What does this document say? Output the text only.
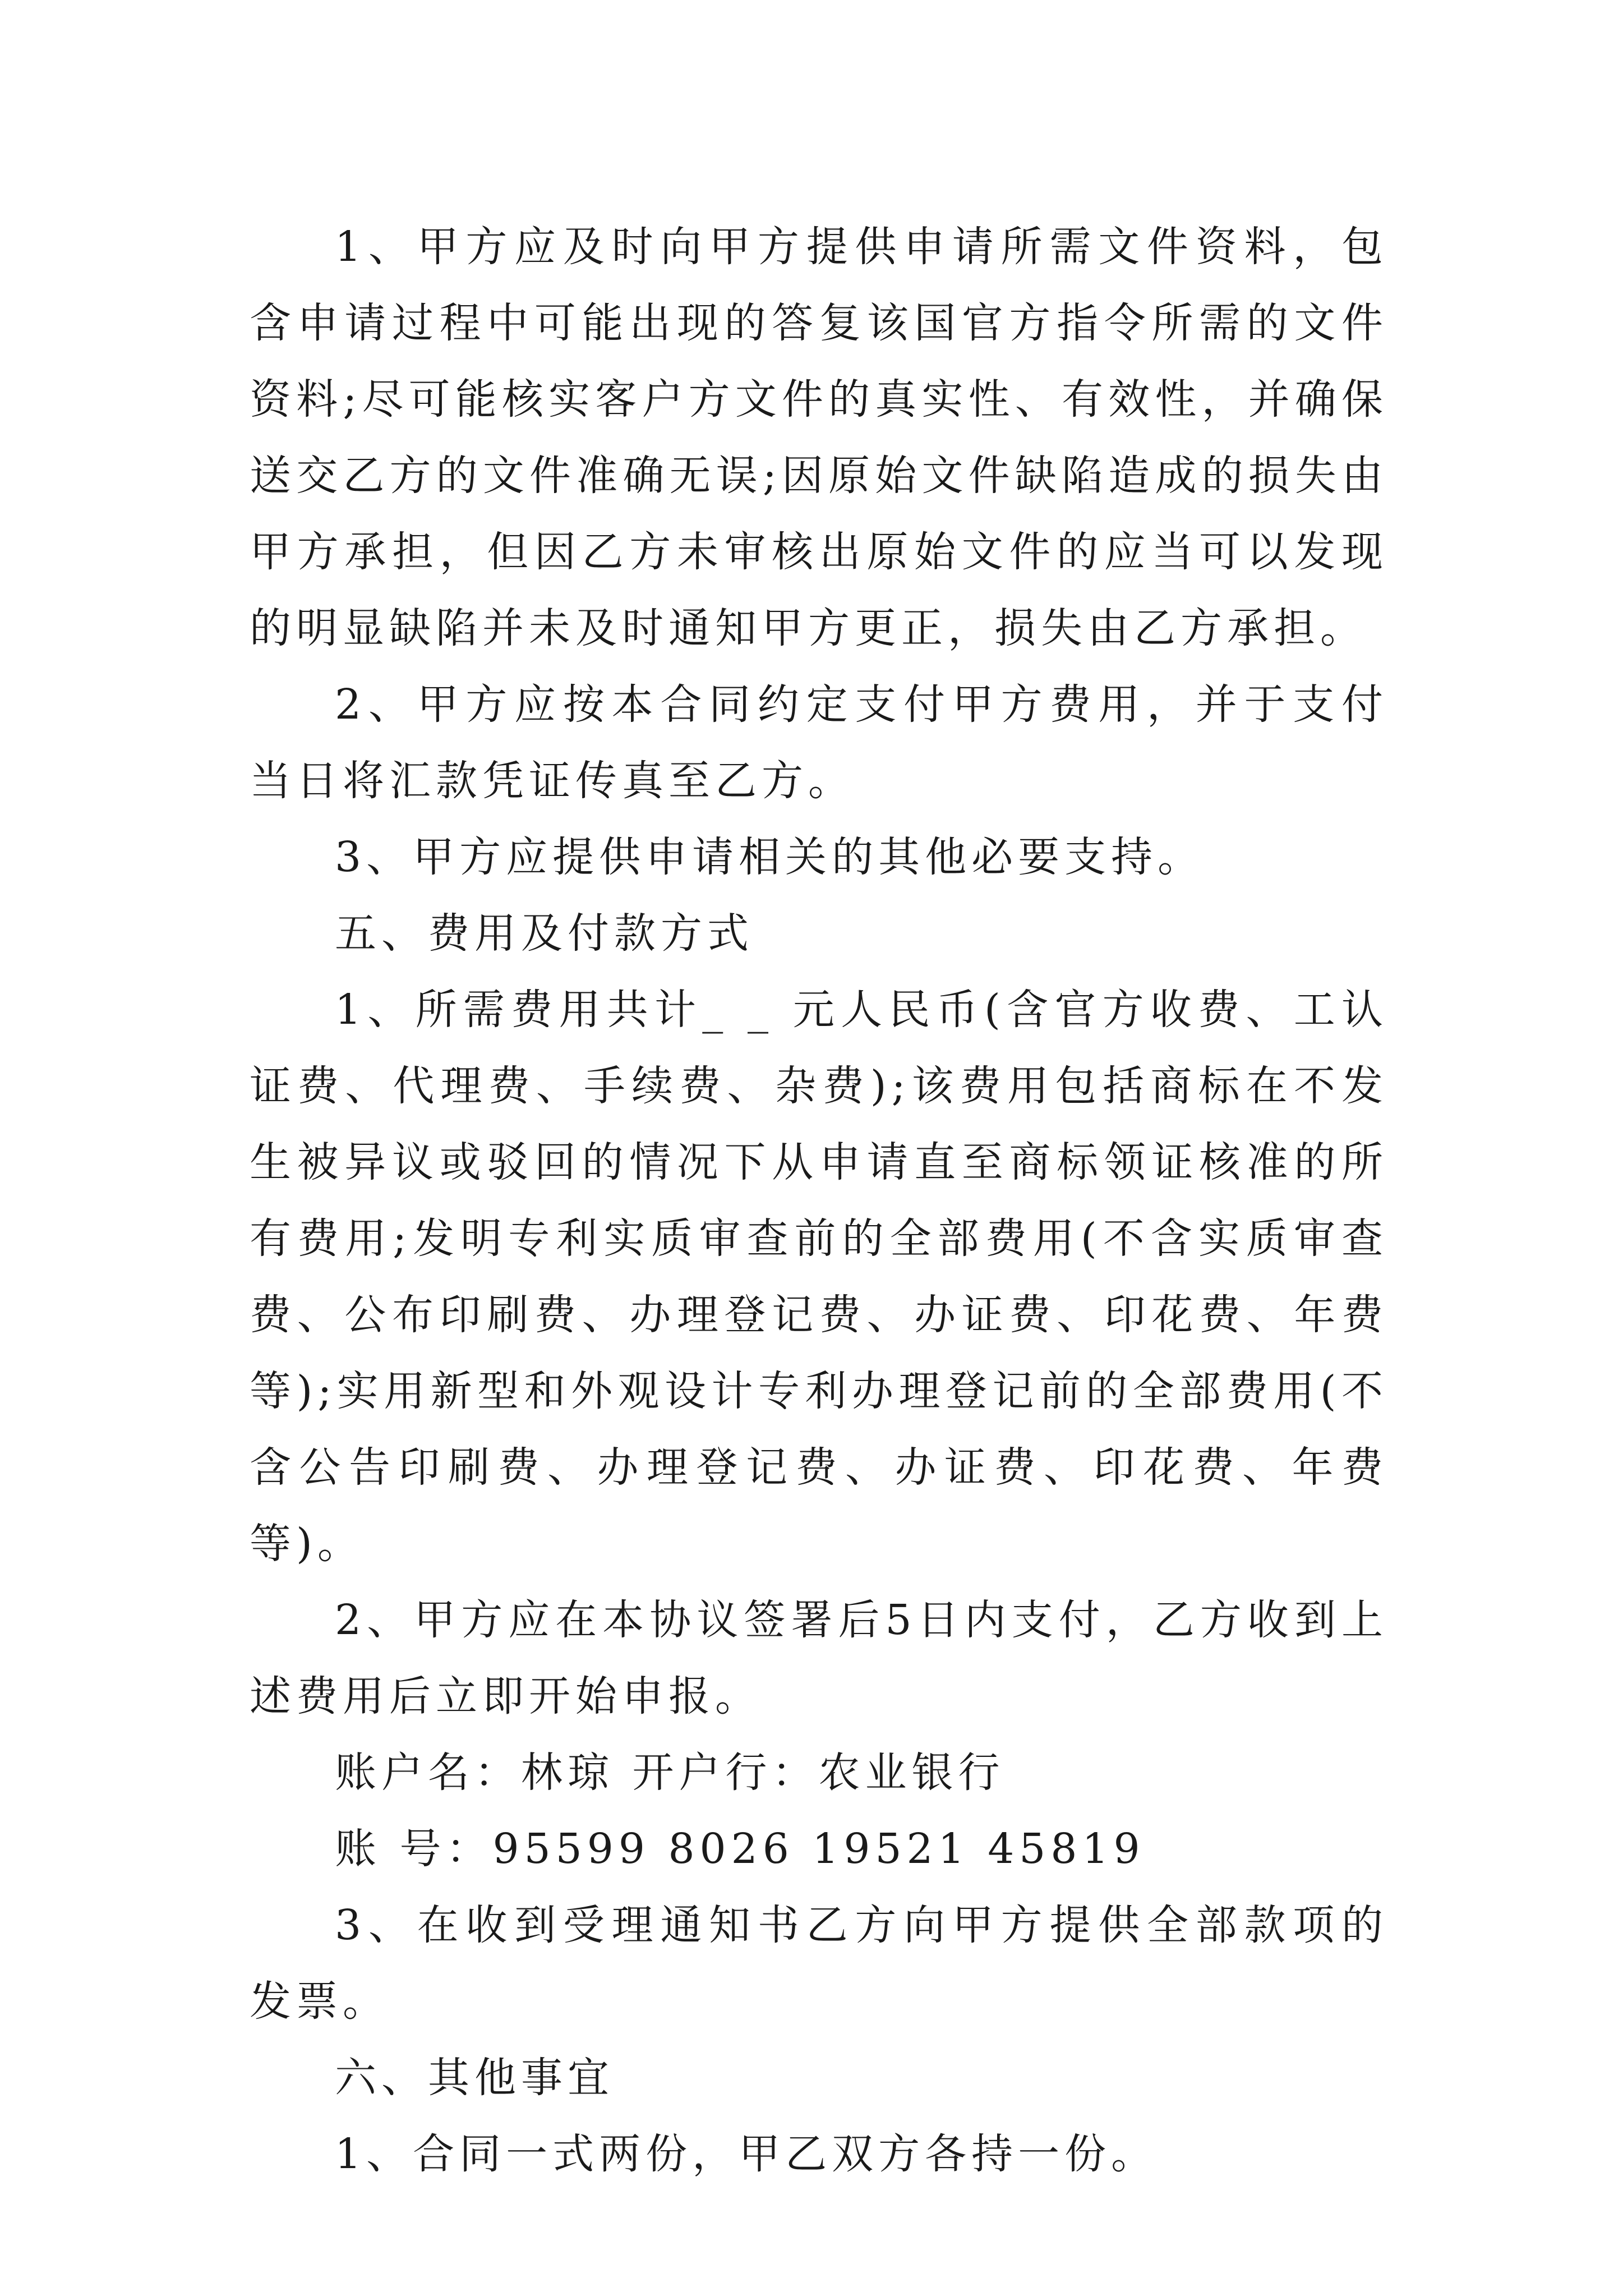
1、甲方应及时向甲方提供申请所需文件资料，包含申请过程中可能出现的答复该国官方指令所需的文件资料;尽可能核实客户方文件的真实性、有效性，并确保送交乙方的文件准确无误;因原始文件缺陷造成的损失由甲方承担，但因乙方未审核出原始文件的应当可以发现的明显缺陷并未及时通知甲方更正，损失由乙方承担。

2、甲方应按本合同约定支付甲方费用，并于支付当日将汇款凭证传真至乙方。

3、甲方应提供申请相关的其他必要支持。

五、费用及付款方式

1、所需费用共计_ _ 元人民币(含官方收费、工认证费、代理费、手续费、杂费);该费用包括商标在不发生被异议或驳回的情况下从申请直至商标领证核准的所有费用;发明专利实质审查前的全部费用(不含实质审查费、公布印刷费、办理登记费、办证费、印花费、年费等);实用新型和外观设计专利办理登记前的全部费用(不含公告印刷费、办理登记费、办证费、印花费、年费等)。

2、甲方应在本协议签署后5日内支付，乙方收到上述费用后立即开始申报。

账户名：林琼 开户行：农业银行

账 号：95599 8026 19521 45819

3、在收到受理通知书乙方向甲方提供全部款项的发票。

六、其他事宜

1、合同一式两份，甲乙双方各持一份。
